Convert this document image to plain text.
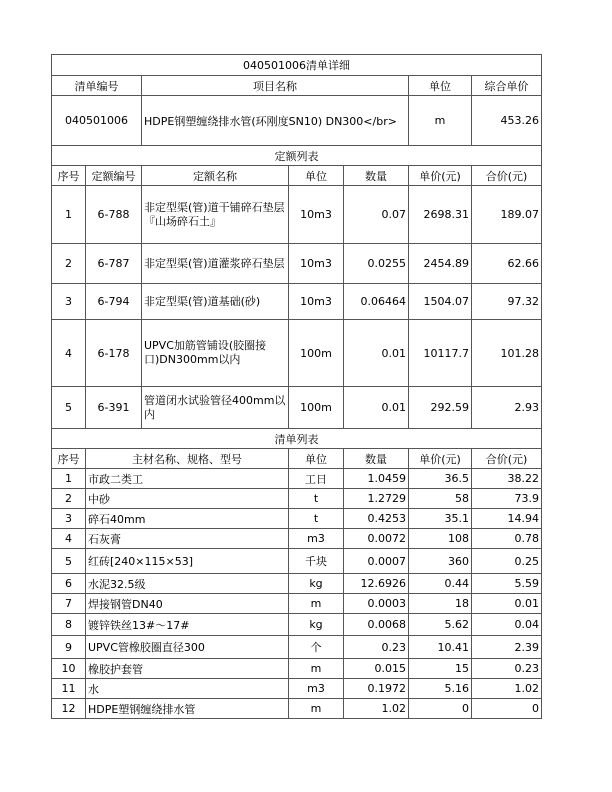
040501006清单详细						
清单编号		项目名称			单位	综合单价
040501006		HDPE钢塑缠绕排水管(环刚度SN10) DN300</br>			m	453.26
定额列表						
序号	定额编号	定额名称	单位	数量	单价(元)	合价(元)
1	6-788	非定型渠(管)道干铺碎石垫层『山场碎石土』	10m3	0.07	2698.31	189.07
2	6-787	非定型渠(管)道灌浆碎石垫层	10m3	0.0255	2454.89	62.66
3	6-794	非定型渠(管)道基础(砂)	10m3	0.06464	1504.07	97.32
4	6-178	UPVC加筋管铺设(胶圈接口)DN300mm以内	100m	0.01	10117.7	101.28
5	6-391	管道闭水试验管径400mm以内	100m	0.01	292.59	2.93
清单列表						
序号	主材名称、规格、型号		单位	数量	单价(元)	合价(元)
1	市政二类工		工日	1.0459	36.5	38.22
2	中砂		t	1.2729	58	73.9
3	碎石40mm		t	0.4253	35.1	14.94
4	石灰膏		m3	0.0072	108	0.78
5	红砖[240×115×53]		千块	0.0007	360	0.25
6	水泥32.5级		kg	12.6926	0.44	5.59
7	焊接钢管DN40		m	0.0003	18	0.01
8	镀锌铁丝13#～17#		kg	0.0068	5.62	0.04
9	UPVC管橡胶圈直径300		个	0.23	10.41	2.39
10	橡胶护套管		m	0.015	15	0.23
11	水		m3	0.1972	5.16	1.02
12	HDPE塑钢缠绕排水管		m	1.02	0	0
